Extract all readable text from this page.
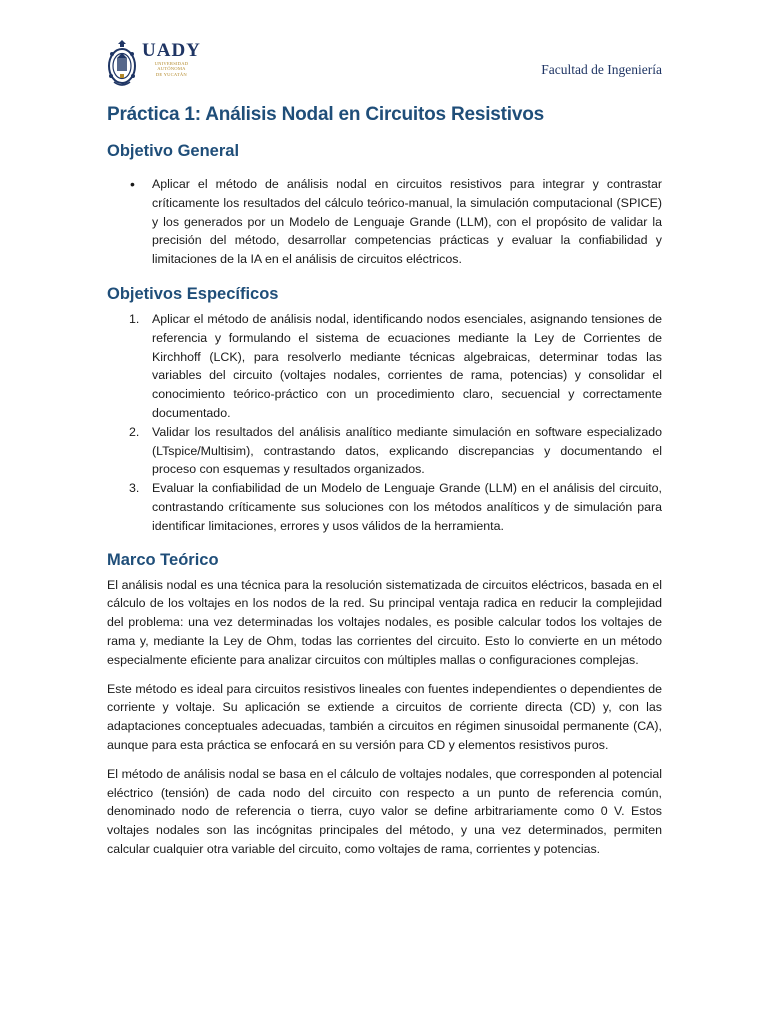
UADY
UNIVERSIDAD
AUTÓNOMA
DE YUCATÁN	Facultad de Ingeniería
Práctica 1: Análisis Nodal en Circuitos Resistivos
Objetivo General
• Aplicar el método de análisis nodal en circuitos resistivos para integrar y contrastar críticamente los resultados del cálculo teórico-manual, la simulación computacional (SPICE) y los generados por un Modelo de Lenguaje Grande (LLM), con el propósito de validar la precisión del método, desarrollar competencias prácticas y evaluar la confiabilidad y limitaciones de la IA en el análisis de circuitos eléctricos.
Objetivos Específicos
1. Aplicar el método de análisis nodal, identificando nodos esenciales, asignando tensiones de referencia y formulando el sistema de ecuaciones mediante la Ley de Corrientes de Kirchhoff (LCK), para resolverlo mediante técnicas algebraicas, determinar todas las variables del circuito (voltajes nodales, corrientes de rama, potencias) y consolidar el conocimiento teórico-práctico con un procedimiento claro, secuencial y correctamente documentado.
2. Validar los resultados del análisis analítico mediante simulación en software especializado (LTspice/Multisim), contrastando datos, explicando discrepancias y documentando el proceso con esquemas y resultados organizados.
3. Evaluar la confiabilidad de un Modelo de Lenguaje Grande (LLM) en el análisis del circuito, contrastando críticamente sus soluciones con los métodos analíticos y de simulación para identificar limitaciones, errores y usos válidos de la herramienta.
Marco Teórico

El análisis nodal es una técnica para la resolución sistematizada de circuitos eléctricos, basada en el cálculo de los voltajes en los nodos de la red. Su principal ventaja radica en reducir la complejidad del problema: una vez determinadas los voltajes nodales, es posible calcular todos los voltajes de rama y, mediante la Ley de Ohm, todas las corrientes del circuito. Esto lo convierte en un método especialmente eficiente para analizar circuitos con múltiples mallas o configuraciones complejas.

Este método es ideal para circuitos resistivos lineales con fuentes independientes o dependientes de corriente y voltaje. Su aplicación se extiende a circuitos de corriente directa (CD) y, con las adaptaciones conceptuales adecuadas, también a circuitos en régimen sinusoidal permanente (CA), aunque para esta práctica se enfocará en su versión para CD y elementos resistivos puros.

El método de análisis nodal se basa en el cálculo de voltajes nodales, que corresponden al potencial eléctrico (tensión) de cada nodo del circuito con respecto a un punto de referencia común, denominado nodo de referencia o tierra, cuyo valor se define arbitrariamente como 0 V. Estos voltajes nodales son las incógnitas principales del método, y una vez determinados, permiten calcular cualquier otra variable del circuito, como voltajes de rama, corrientes y potencias.
